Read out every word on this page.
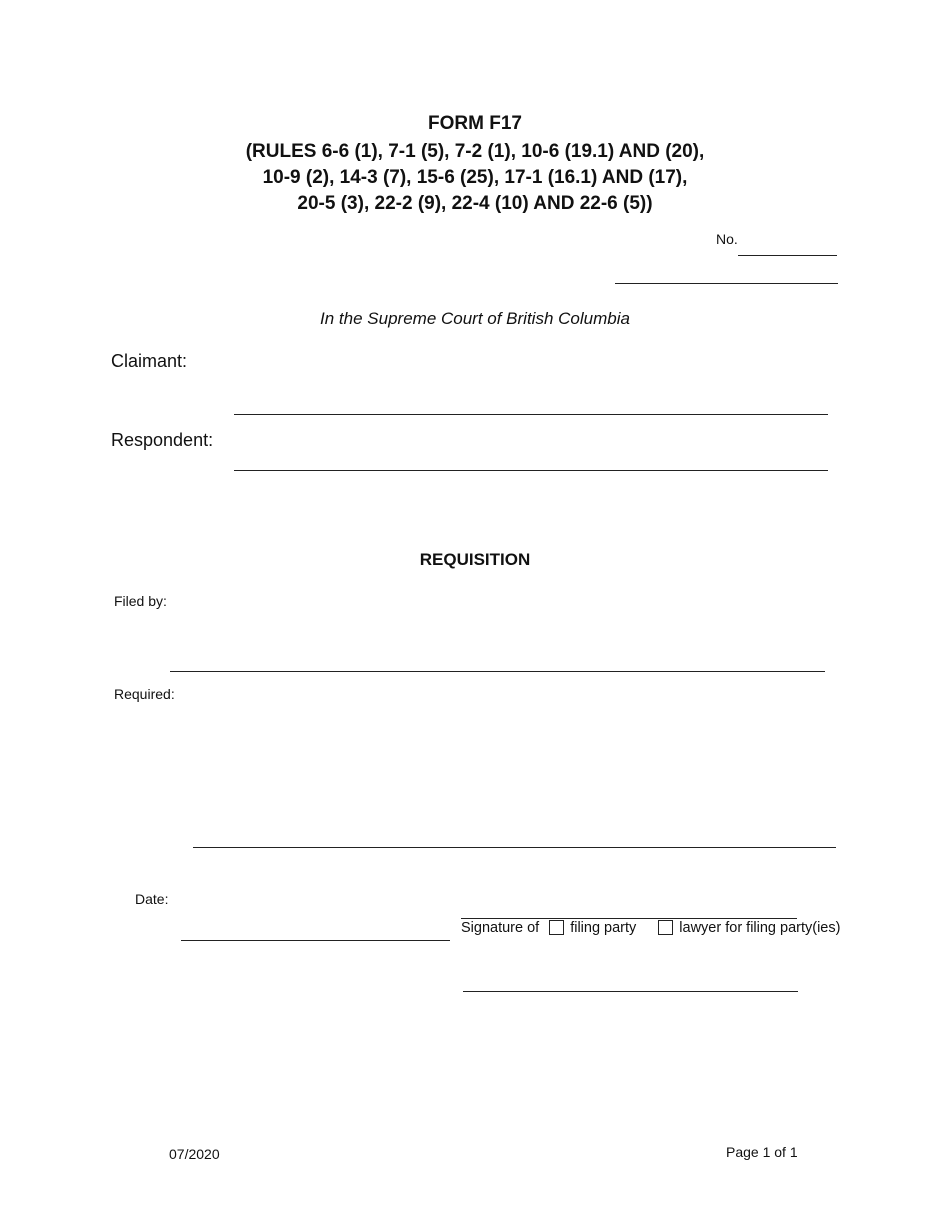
FORM F17
(RULES 6-6 (1), 7-1 (5), 7-2 (1), 10-6 (19.1) AND (20),
10-9 (2), 14-3 (7), 15-6 (25), 17-1 (16.1) AND (17),
20-5 (3), 22-2 (9), 22-4 (10) AND 22-6 (5))
No.
In the Supreme Court of British Columbia
Claimant:
Respondent:
REQUISITION
Filed by:
Required:
Date:
Signature of filing party	lawyer for filing party(ies)
07/2020	Page 1 of 1
